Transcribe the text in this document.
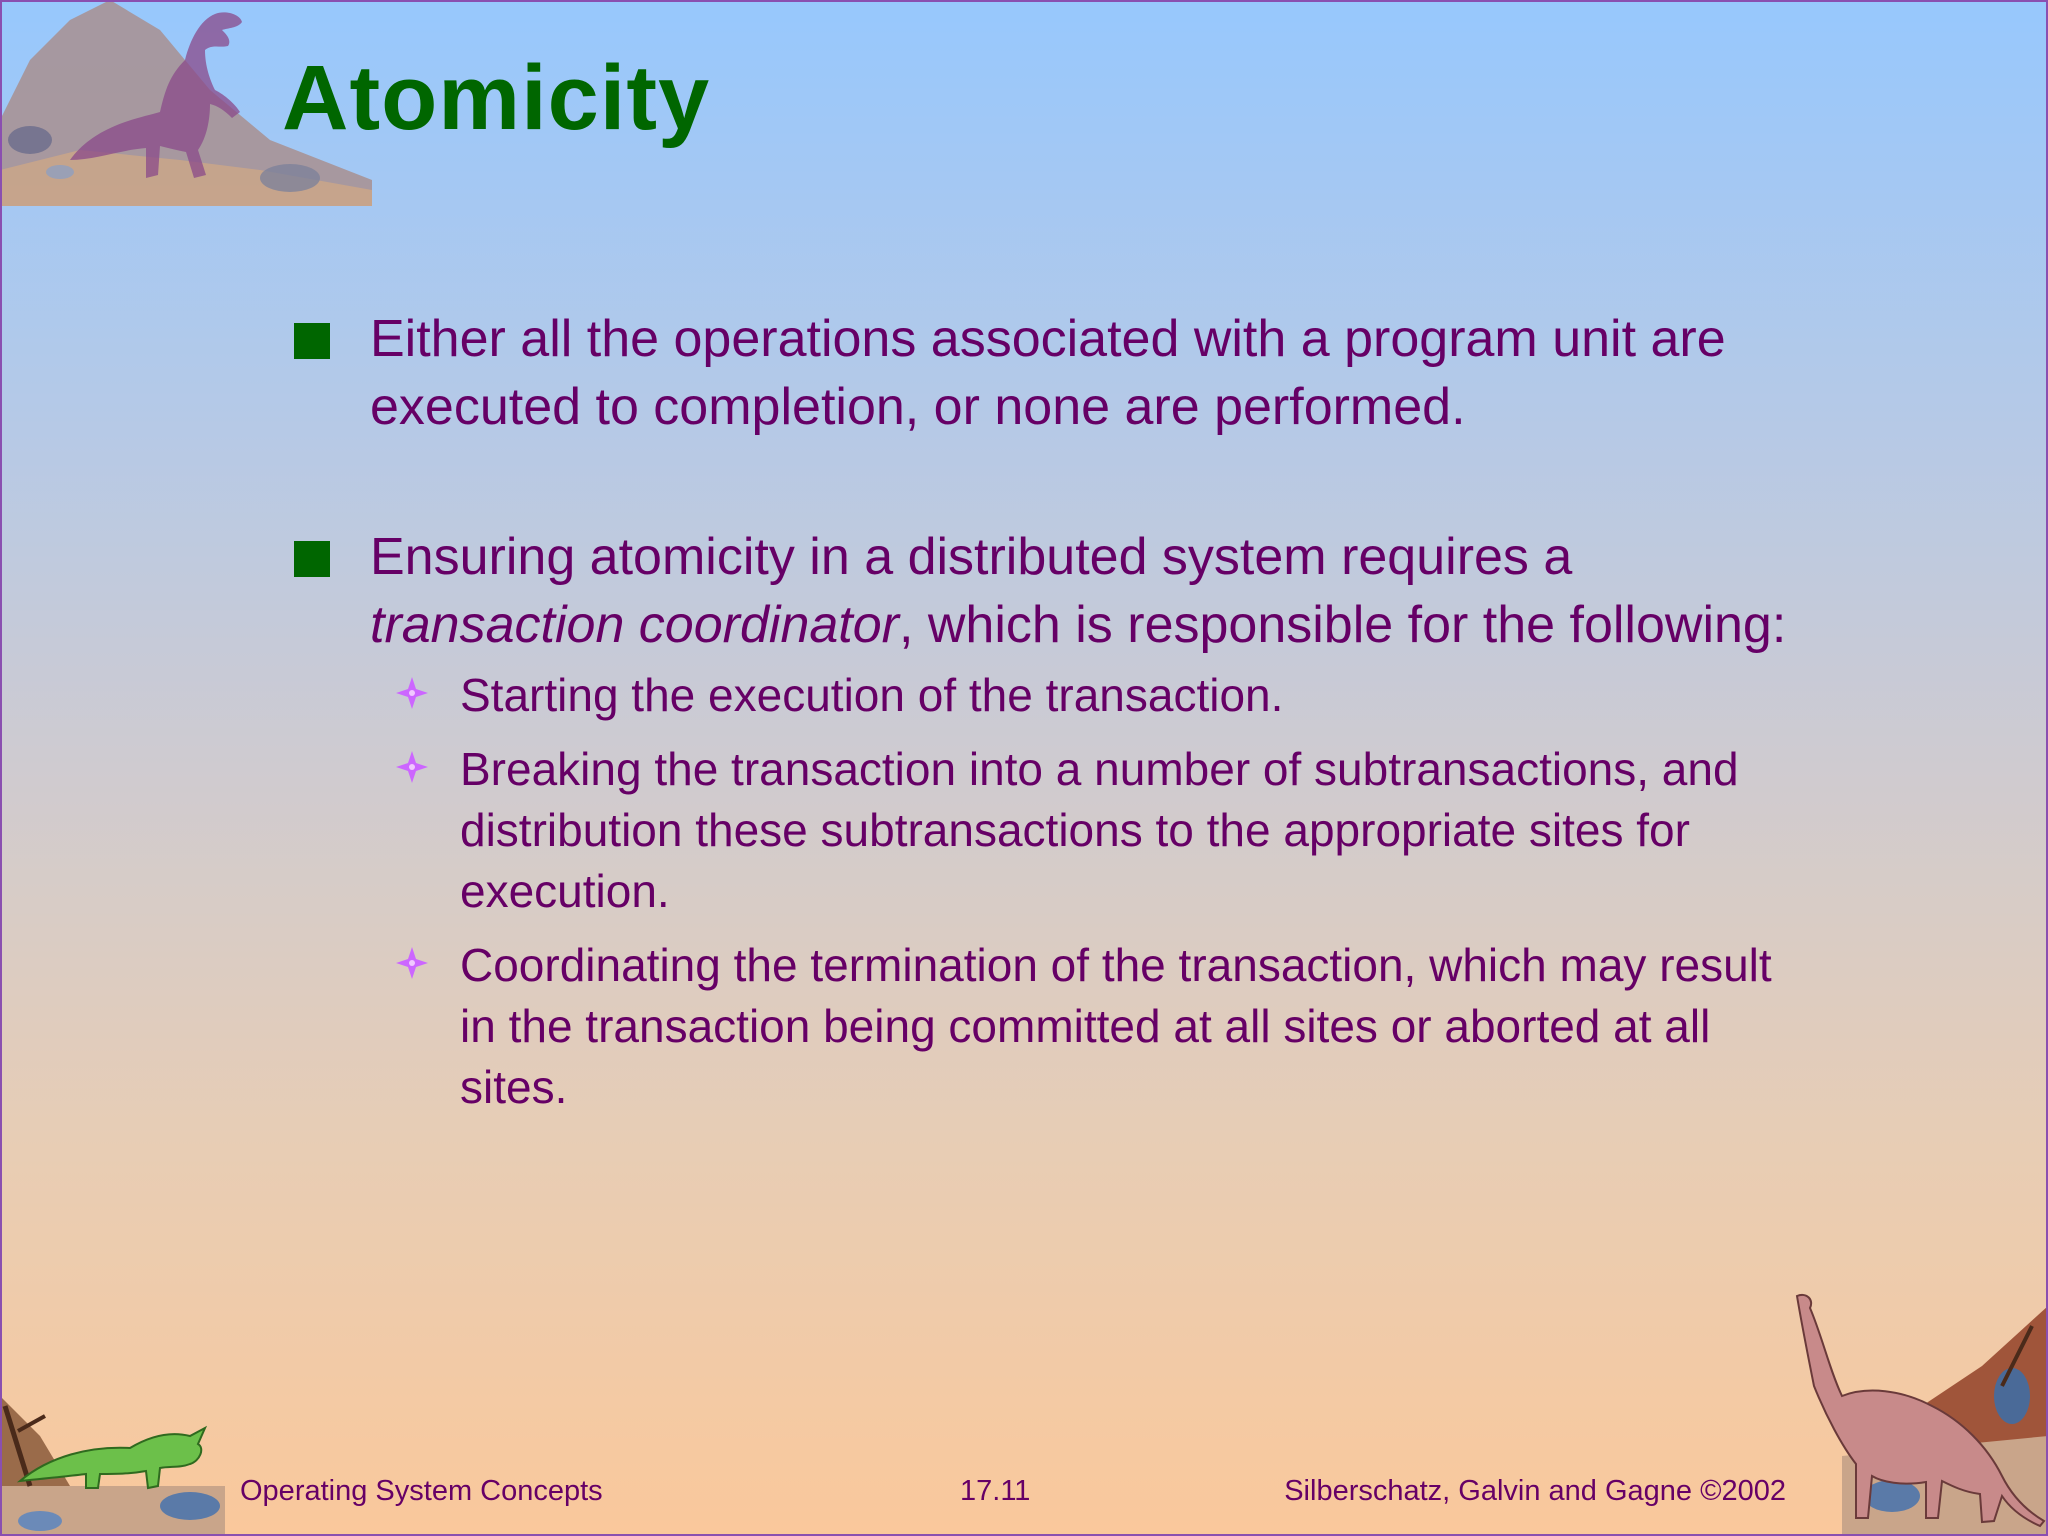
Atomicity
Either all the operations associated with a program unit are executed to completion, or none are performed.
Ensuring atomicity in a distributed system requires a transaction coordinator, which is responsible for the following:
Starting the execution of the transaction.
Breaking the transaction into a number of subtransactions, and distribution these subtransactions to the appropriate sites for execution.
Coordinating the termination of the transaction, which may result in the transaction being committed at all sites or aborted at all sites.
Operating System Concepts	17.11	Silberschatz, Galvin and Gagne ©2002
